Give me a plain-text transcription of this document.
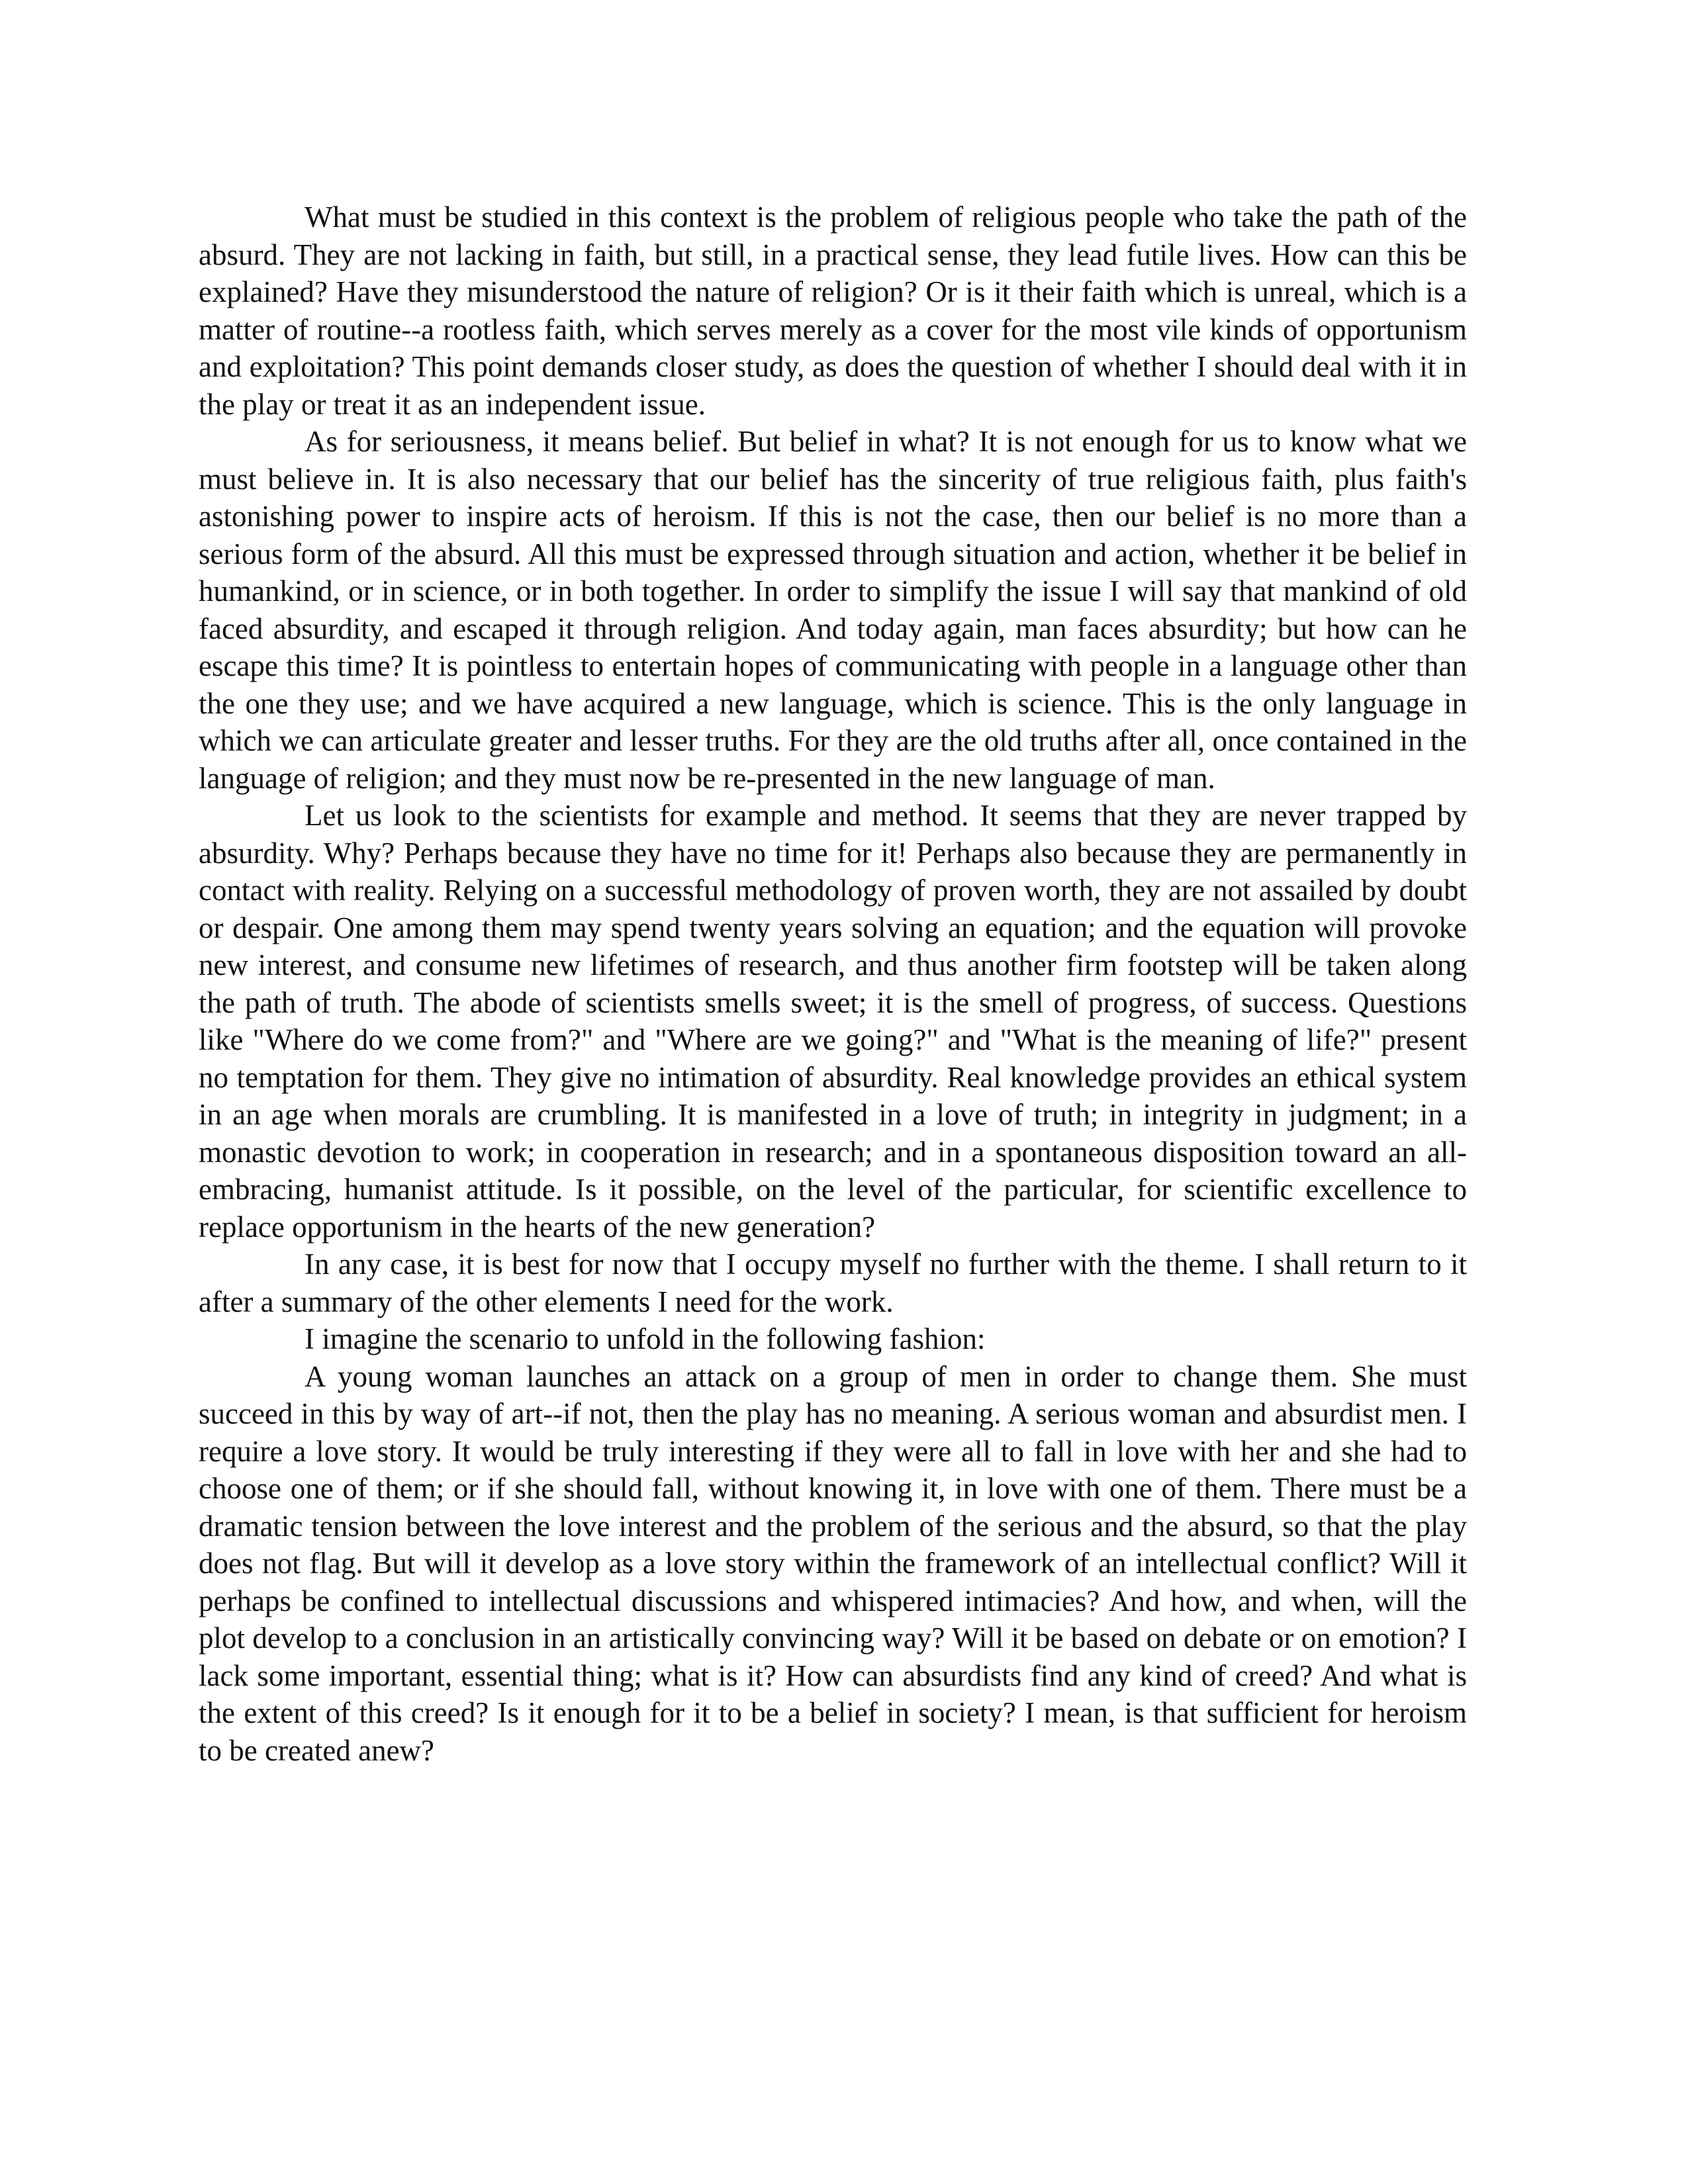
What must be studied in this context is the problem of religious people who take the path of the absurd. They are not lacking in faith, but still, in a practical sense, they lead futile lives. How can this be explained? Have they misunderstood the nature of religion? Or is it their faith which is unreal, which is a matter of routine--a rootless faith, which serves merely as a cover for the most vile kinds of opportunism and exploitation? This point demands closer study, as does the question of whether I should deal with it in the play or treat it as an independent issue.

As for seriousness, it means belief. But belief in what? It is not enough for us to know what we must believe in. It is also necessary that our belief has the sincerity of true religious faith, plus faith's astonishing power to inspire acts of heroism. If this is not the case, then our belief is no more than a serious form of the absurd. All this must be expressed through situation and action, whether it be belief in humankind, or in science, or in both together. In order to simplify the issue I will say that mankind of old faced absurdity, and escaped it through religion. And today again, man faces absurdity; but how can he escape this time? It is pointless to entertain hopes of communicating with people in a language other than the one they use; and we have acquired a new language, which is science. This is the only language in which we can articulate greater and lesser truths. For they are the old truths after all, once contained in the language of religion; and they must now be re-presented in the new language of man.

Let us look to the scientists for example and method. It seems that they are never trapped by absurdity. Why? Perhaps because they have no time for it! Perhaps also because they are permanently in contact with reality. Relying on a successful methodology of proven worth, they are not assailed by doubt or despair. One among them may spend twenty years solving an equation; and the equation will provoke new interest, and consume new lifetimes of research, and thus another firm footstep will be taken along the path of truth. The abode of scientists smells sweet; it is the smell of progress, of success. Questions like "Where do we come from?" and "Where are we going?" and "What is the meaning of life?" present no temptation for them. They give no intimation of absurdity. Real knowledge provides an ethical system in an age when morals are crumbling. It is manifested in a love of truth; in integrity in judgment; in a monastic devotion to work; in cooperation in research; and in a spontaneous disposition toward an all-embracing, humanist attitude. Is it possible, on the level of the particular, for scientific excellence to replace opportunism in the hearts of the new generation?

In any case, it is best for now that I occupy myself no further with the theme. I shall return to it after a summary of the other elements I need for the work.

I imagine the scenario to unfold in the following fashion:

A young woman launches an attack on a group of men in order to change them. She must succeed in this by way of art--if not, then the play has no meaning. A serious woman and absurdist men. I require a love story. It would be truly interesting if they were all to fall in love with her and she had to choose one of them; or if she should fall, without knowing it, in love with one of them. There must be a dramatic tension between the love interest and the problem of the serious and the absurd, so that the play does not flag. But will it develop as a love story within the framework of an intellectual conflict? Will it perhaps be confined to intellectual discussions and whispered intimacies? And how, and when, will the plot develop to a conclusion in an artistically convincing way? Will it be based on debate or on emotion? I lack some important, essential thing; what is it? How can absurdists find any kind of creed? And what is the extent of this creed? Is it enough for it to be a belief in society? I mean, is that sufficient for heroism to be created anew?
